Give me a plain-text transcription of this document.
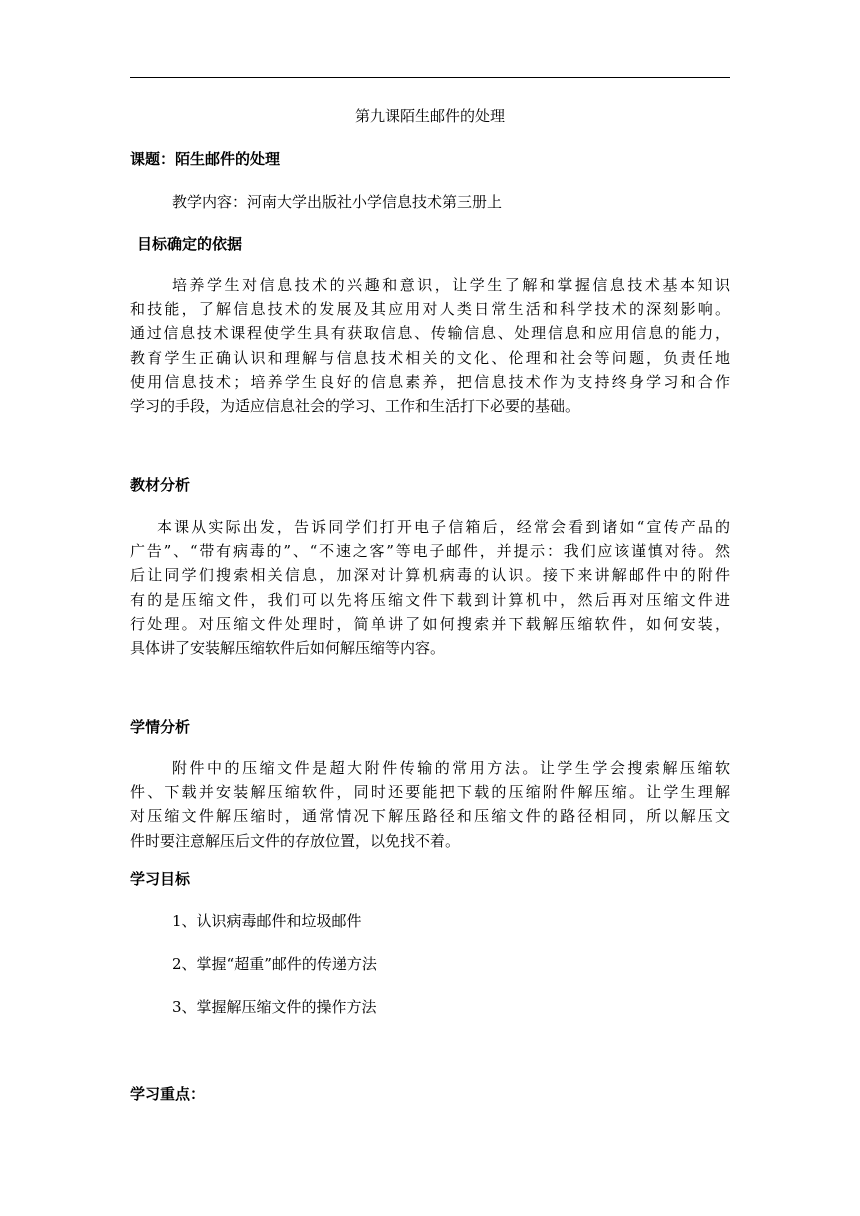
第九课陌生邮件的处理

课题：陌生邮件的处理

教学内容：河南大学出版社小学信息技术第三册上

目标确定的依据

培养学生对信息技术的兴趣和意识，让学生了解和掌握信息技术基本知识
和技能，了解信息技术的发展及其应用对人类日常生活和科学技术的深刻影响。
通过信息技术课程使学生具有获取信息、传输信息、处理信息和应用信息的能力，
教育学生正确认识和理解与信息技术相关的文化、伦理和社会等问题，负责任地
使用信息技术；培养学生良好的信息素养，把信息技术作为支持终身学习和合作
学习的手段，为适应信息社会的学习、工作和生活打下必要的基础。

教材分析

本课从实际出发，告诉同学们打开电子信箱后，经常会看到诸如“宣传产品的
广告”、“带有病毒的”、“不速之客”等电子邮件，并提示：我们应该谨慎对待。然
后让同学们搜索相关信息，加深对计算机病毒的认识。接下来讲解邮件中的附件
有的是压缩文件，我们可以先将压缩文件下载到计算机中，然后再对压缩文件进
行处理。对压缩文件处理时，简单讲了如何搜索并下载解压缩软件，如何安装，
具体讲了安装解压缩软件后如何解压缩等内容。

学情分析

附件中的压缩文件是超大附件传输的常用方法。让学生学会搜索解压缩软
件、下载并安装解压缩软件，同时还要能把下载的压缩附件解压缩。让学生理解
对压缩文件解压缩时，通常情况下解压路径和压缩文件的路径相同，所以解压文
件时要注意解压后文件的存放位置，以免找不着。

学习目标

1、认识病毒邮件和垃圾邮件

2、掌握“超重”邮件的传递方法

3、掌握解压缩文件的操作方法

学习重点：
